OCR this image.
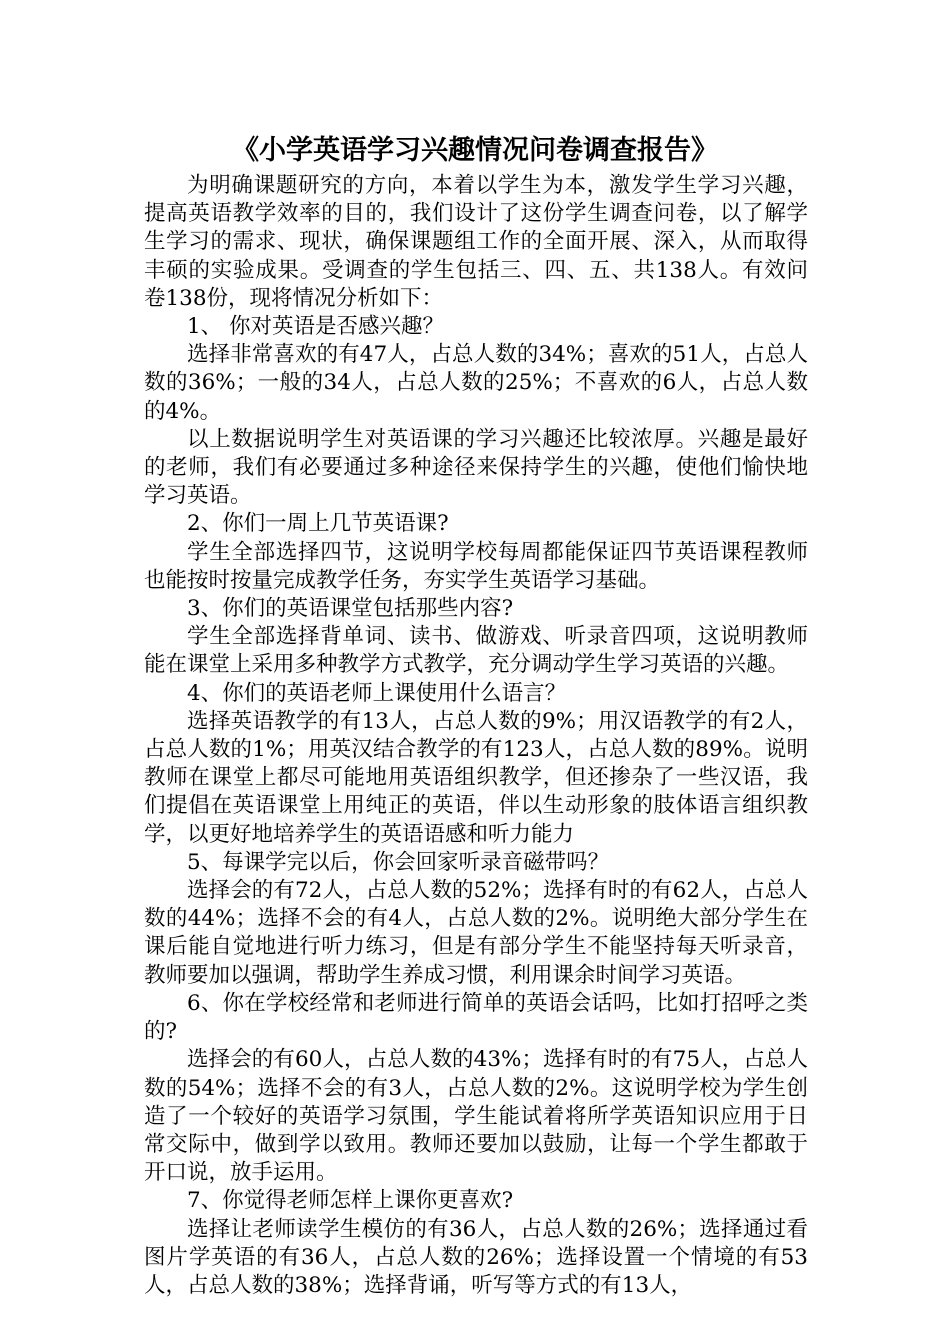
《小学英语学习兴趣情况问卷调查报告》

为明确课题研究的方向，本着以学生为本，激发学生学习兴趣，提高英语教学效率的目的，我们设计了这份学生调查问卷，以了解学生学习的需求、现状，确保课题组工作的全面开展、深入，从而取得丰硕的实验成果。受调查的学生包括三、四、五、共138人。有效问卷138份，现将情况分析如下：

1、 你对英语是否感兴趣？

选择非常喜欢的有47人，占总人数的34%；喜欢的51人，占总人数的36%；一般的34人，占总人数的25%；不喜欢的6人，占总人数的4%。

以上数据说明学生对英语课的学习兴趣还比较浓厚。兴趣是最好的老师，我们有必要通过多种途径来保持学生的兴趣，使他们愉快地学习英语。

2、你们一周上几节英语课?

学生全部选择四节，这说明学校每周都能保证四节英语课程教师也能按时按量完成教学任务，夯实学生英语学习基础。

3、你们的英语课堂包括那些内容?

学生全部选择背单词、读书、做游戏、听录音四项，这说明教师能在课堂上采用多种教学方式教学，充分调动学生学习英语的兴趣。

4、你们的英语老师上课使用什么语言？

选择英语教学的有13人，占总人数的9%；用汉语教学的有2人，占总人数的1%；用英汉结合教学的有123人，占总人数的89%。说明教师在课堂上都尽可能地用英语组织教学，但还掺杂了一些汉语，我们提倡在英语课堂上用纯正的英语，伴以生动形象的肢体语言组织教学，以更好地培养学生的英语语感和听力能力

5、每课学完以后，你会回家听录音磁带吗？

选择会的有72人，占总人数的52%；选择有时的有62人，占总人数的44%；选择不会的有4人，占总人数的2%。说明绝大部分学生在课后能自觉地进行听力练习，但是有部分学生不能坚持每天听录音，教师要加以强调，帮助学生养成习惯，利用课余时间学习英语。

6、你在学校经常和老师进行简单的英语会话吗，比如打招呼之类的?

选择会的有60人，占总人数的43%；选择有时的有75人，占总人数的54%；选择不会的有3人，占总人数的2%。这说明学校为学生创造了一个较好的英语学习氛围，学生能试着将所学英语知识应用于日常交际中，做到学以致用。教师还要加以鼓励，让每一个学生都敢于开口说，放手运用。

7、你觉得老师怎样上课你更喜欢?

选择让老师读学生模仿的有36人，占总人数的26%；选择通过看图片学英语的有36人，占总人数的26%；选择设置一个情境的有53人，占总人数的38%；选择背诵，听写等方式的有13人，
